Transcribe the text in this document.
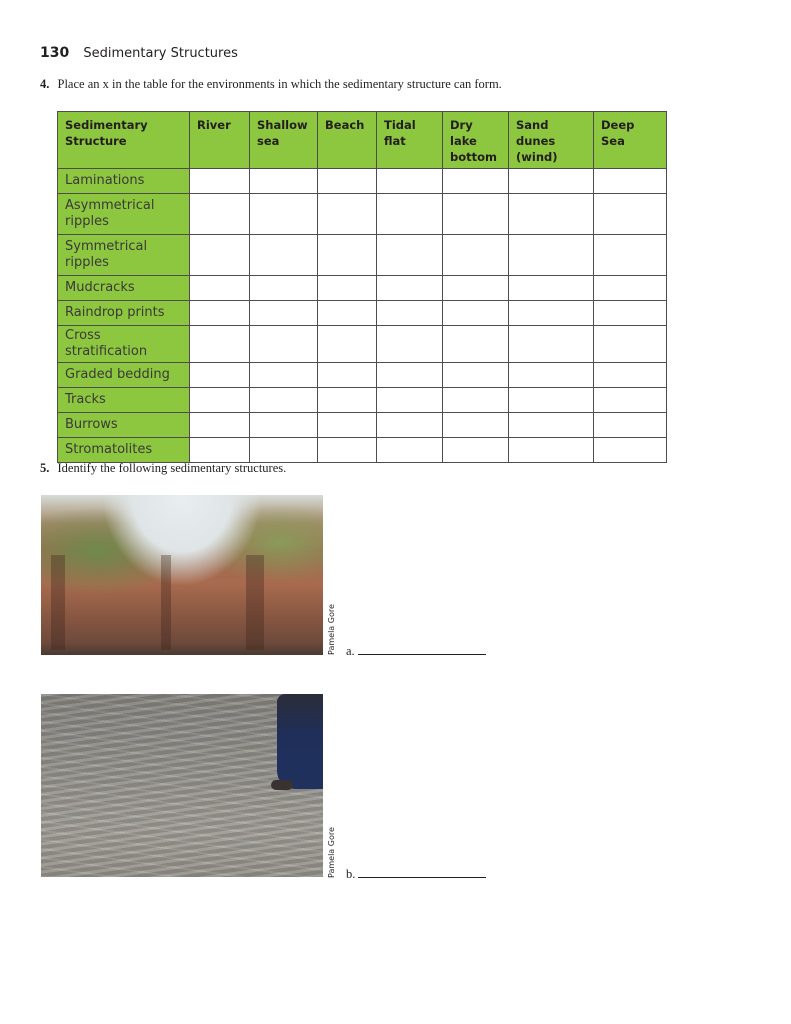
130 Sedimentary Structures
4. Place an x in the table for the environments in which the sedimentary structure can form.
Sedimentary Structure	River	Shallow sea	Beach	Tidal flat	Dry lake bottom	Sand dunes (wind)	Deep Sea
Laminations							
Asymmetrical ripples							
Symmetrical ripples							
Mudcracks							
Raindrop prints							
Cross stratification							
Graded bedding							
Tracks							
Burrows							
Stromatolites							
5. Identify the following sedimentary structures.
Pamela Gore a.
Pamela Gore b.
